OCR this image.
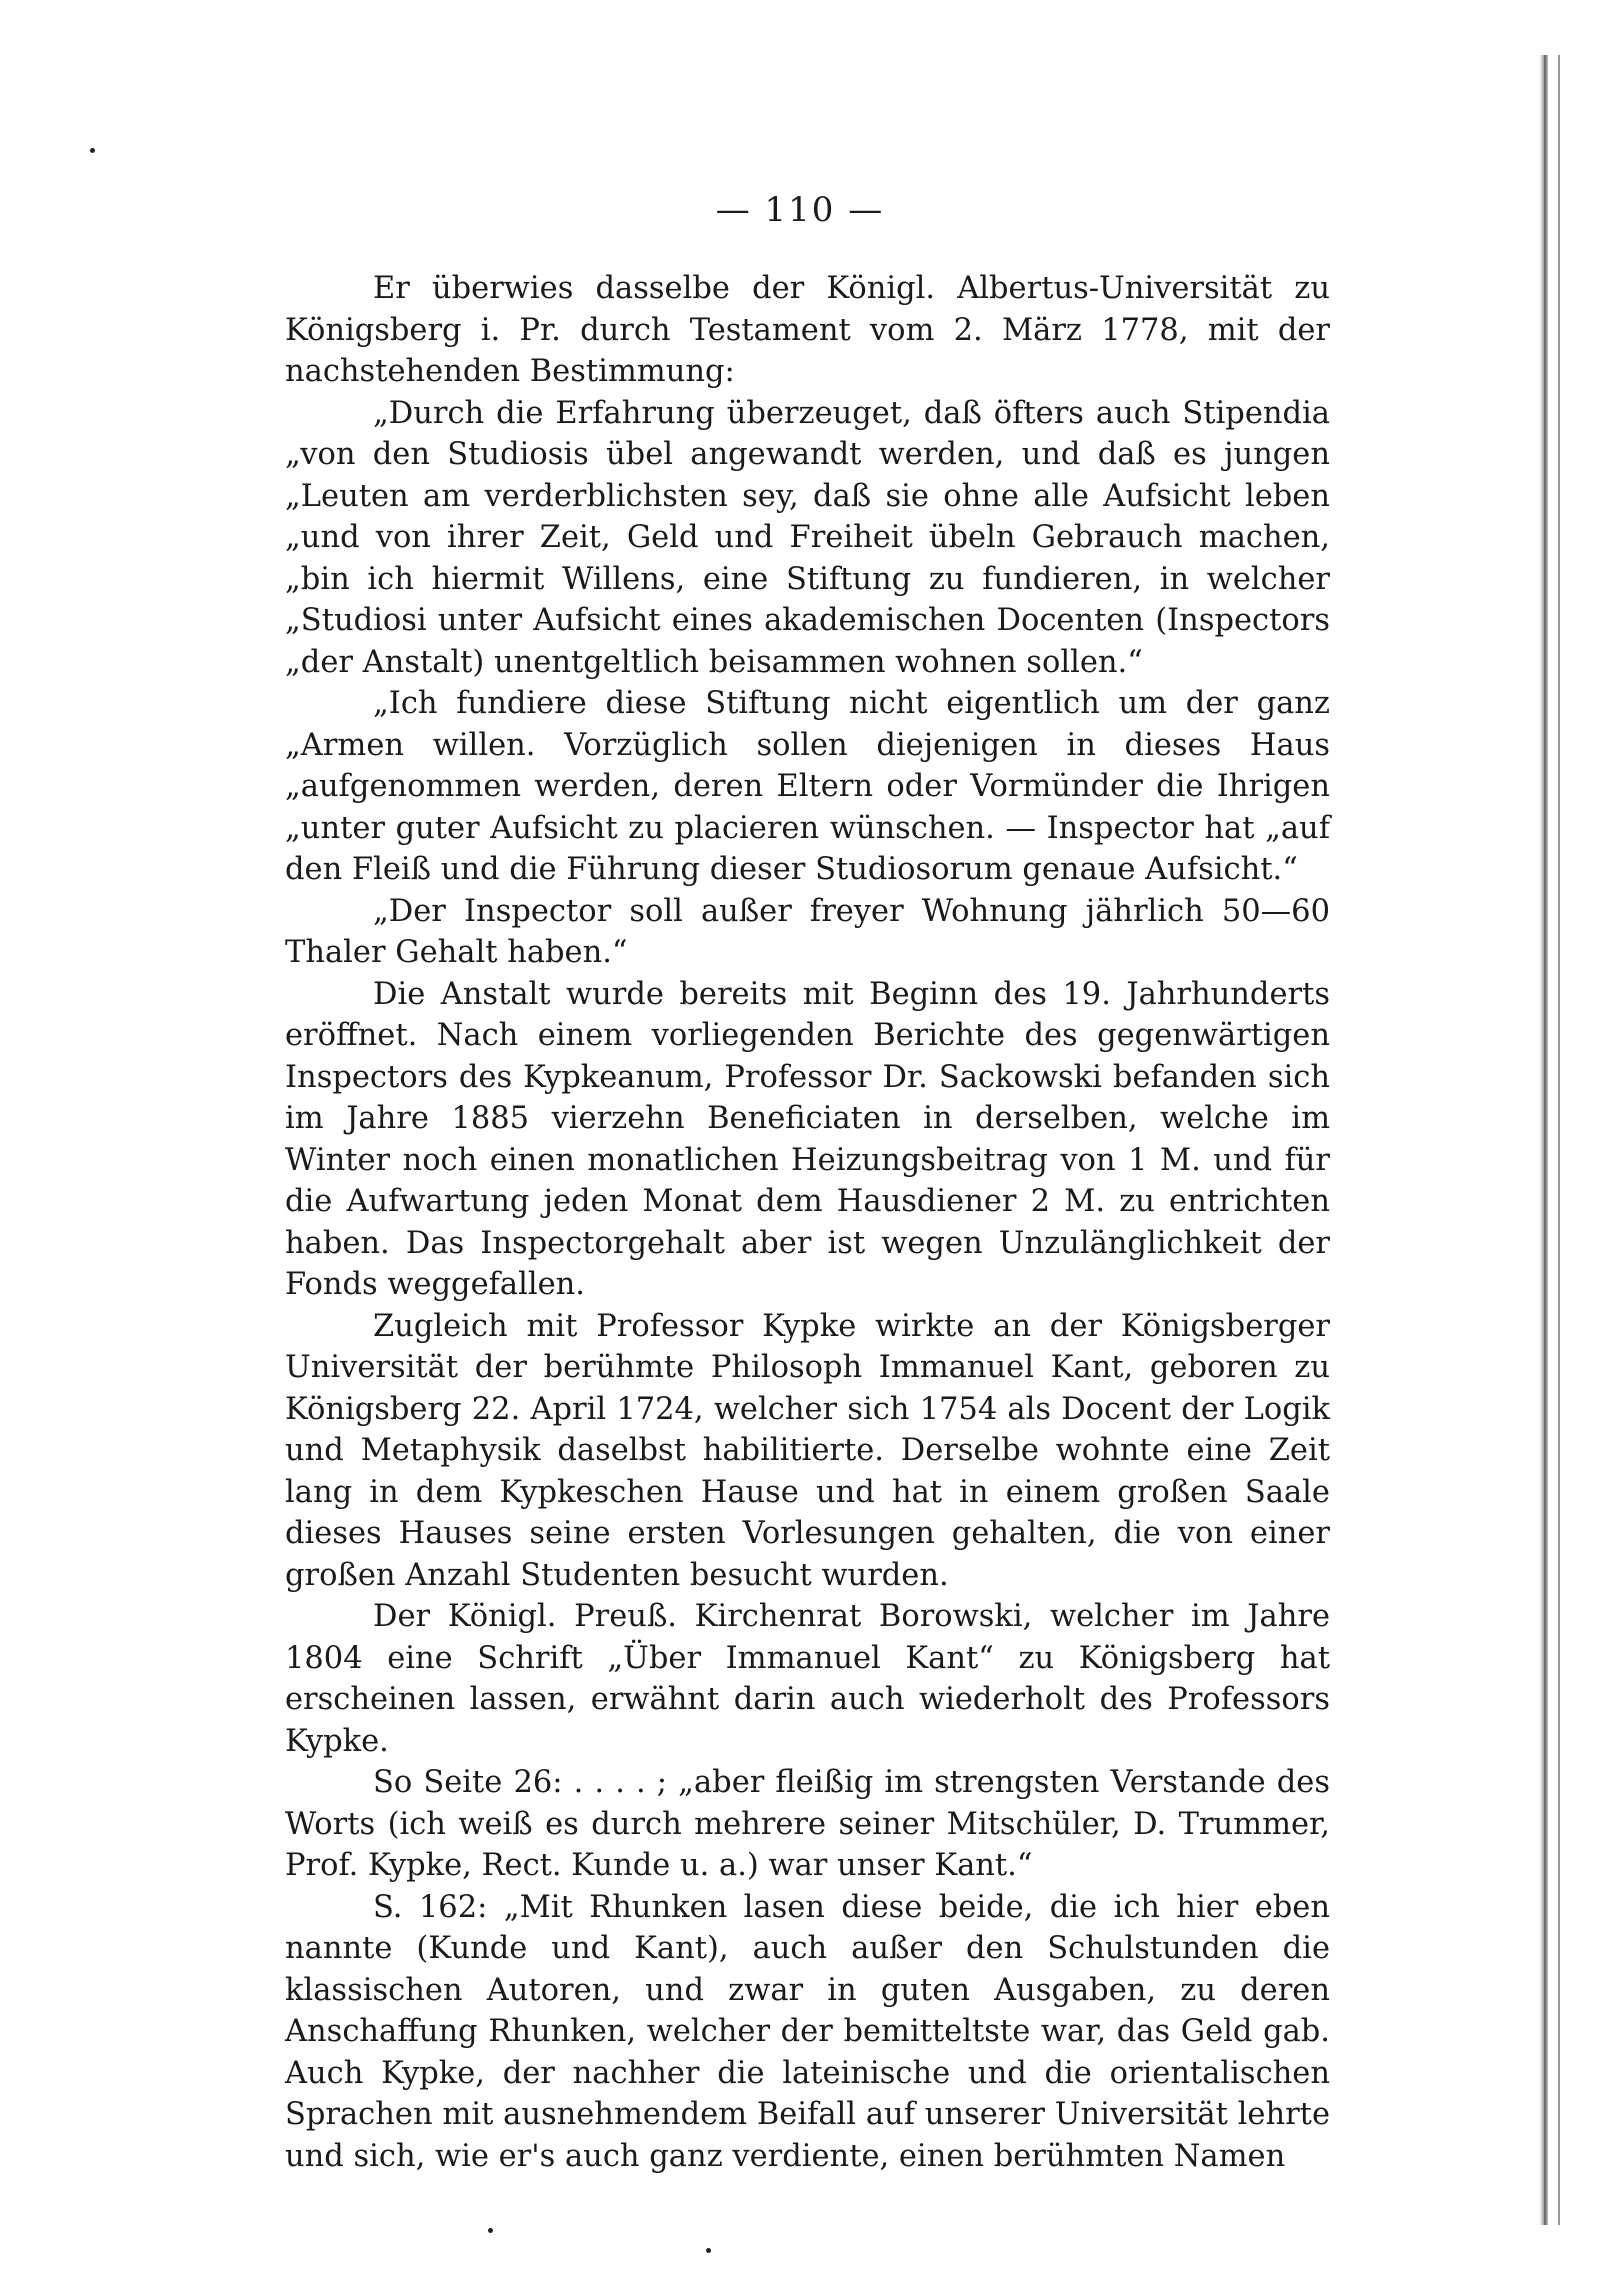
— 110 —

Er überwies dasselbe der Königl. Albertus-Universität zu Königsberg i. Pr. durch Testament vom 2. März 1778, mit der nachstehenden Bestimmung:

„Durch die Erfahrung überzeuget, daß öfters auch Stipendia „von den Studiosis übel angewandt werden, und daß es jungen „Leuten am verderblichsten sey, daß sie ohne alle Aufsicht leben „und von ihrer Zeit, Geld und Freiheit übeln Gebrauch machen, „bin ich hiermit Willens, eine Stiftung zu fundieren, in welcher „Studiosi unter Aufsicht eines akademischen Docenten (Inspectors „der Anstalt) unentgeltlich beisammen wohnen sollen.“

„Ich fundiere diese Stiftung nicht eigentlich um der ganz „Armen willen. Vorzüglich sollen diejenigen in dieses Haus „aufgenommen werden, deren Eltern oder Vormünder die Ihrigen „unter guter Aufsicht zu placieren wünschen. — Inspector hat „auf den Fleiß und die Führung dieser Studiosorum genaue Aufsicht.“

„Der Inspector soll außer freyer Wohnung jährlich 50—60 Thaler Gehalt haben.“

Die Anstalt wurde bereits mit Beginn des 19. Jahrhunderts eröffnet. Nach einem vorliegenden Berichte des gegenwärtigen Inspectors des Kypkeanum, Professor Dr. Sackowski befanden sich im Jahre 1885 vierzehn Beneficiaten in derselben, welche im Winter noch einen monatlichen Heizungsbeitrag von 1 M. und für die Aufwartung jeden Monat dem Hausdiener 2 M. zu entrichten haben. Das Inspectorgehalt aber ist wegen Unzulänglichkeit der Fonds weggefallen.

Zugleich mit Professor Kypke wirkte an der Königsberger Universität der berühmte Philosoph Immanuel Kant, geboren zu Königsberg 22. April 1724, welcher sich 1754 als Docent der Logik und Metaphysik daselbst habilitierte. Derselbe wohnte eine Zeit lang in dem Kypkeschen Hause und hat in einem großen Saale dieses Hauses seine ersten Vorlesungen gehalten, die von einer großen Anzahl Studenten besucht wurden.

Der Königl. Preuß. Kirchenrat Borowski, welcher im Jahre 1804 eine Schrift „Über Immanuel Kant“ zu Königsberg hat erscheinen lassen, erwähnt darin auch wiederholt des Professors Kypke.

So Seite 26: . . . . ; „aber fleißig im strengsten Verstande des Worts (ich weiß es durch mehrere seiner Mitschüler, D. Trummer, Prof. Kypke, Rect. Kunde u. a.) war unser Kant.“

S. 162: „Mit Rhunken lasen diese beide, die ich hier eben nannte (Kunde und Kant), auch außer den Schulstunden die klassischen Autoren, und zwar in guten Ausgaben, zu deren Anschaffung Rhunken, welcher der bemitteltste war, das Geld gab. Auch Kypke, der nachher die lateinische und die orientalischen Sprachen mit ausnehmendem Beifall auf unserer Universität lehrte und sich, wie er's auch ganz verdiente, einen berühmten Namen
